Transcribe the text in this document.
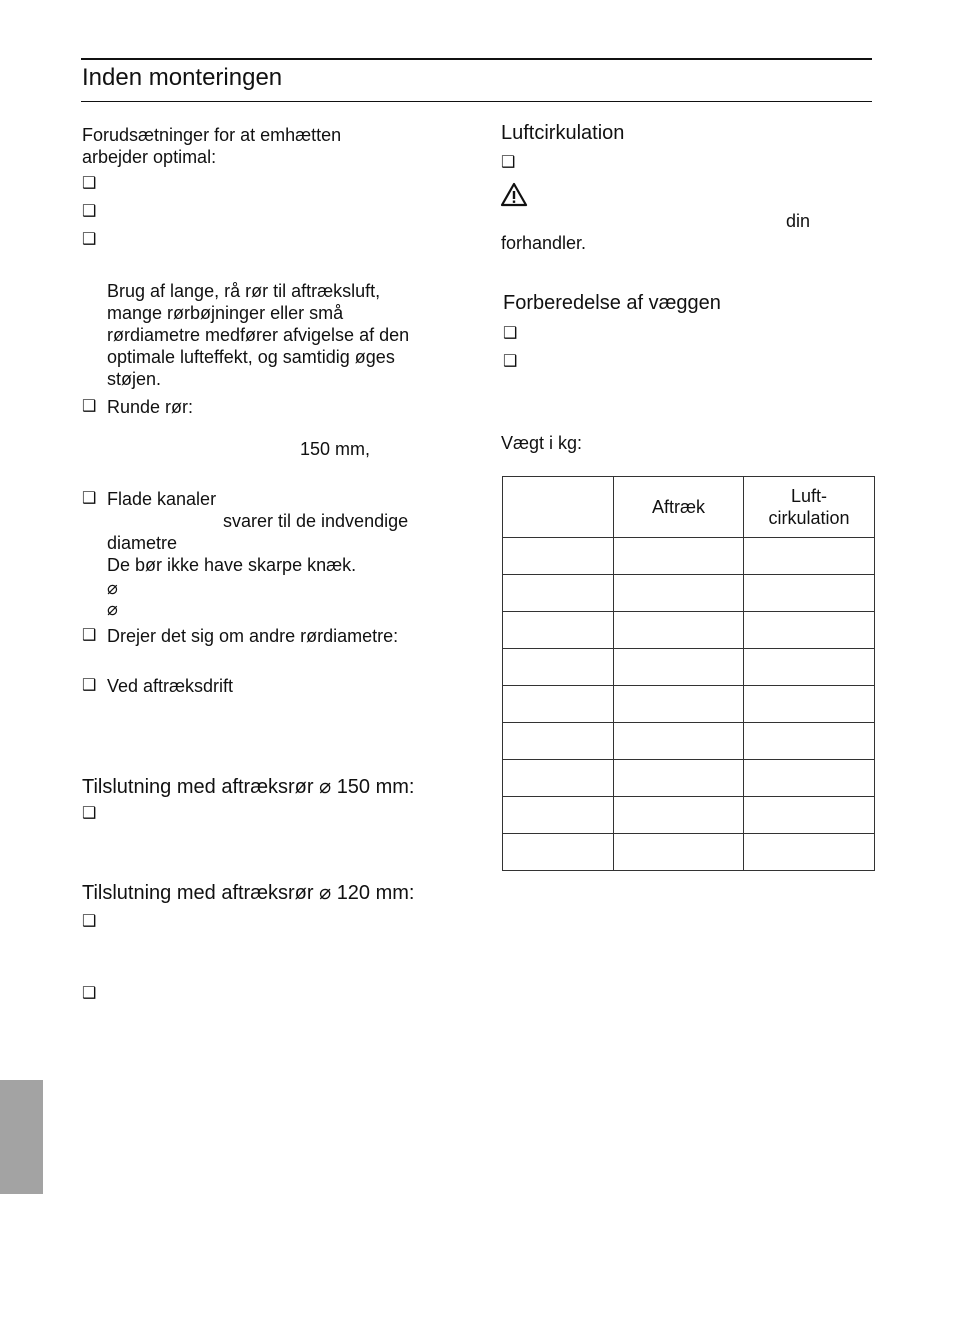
Inden monteringen
Forudsætninger for at emhætten
arbejder optimal:
❑
❑
❑
Brug af lange, rå rør til aftræksluft,
mange rørbøjninger eller små
rørdiametre medfører afvigelse af den
optimale lufteffekt, og samtidig øges
støjen.
❑ Runde rør:
150 mm,
❑ Flade kanaler
svarer til de indvendige
diametre
De bør ikke have skarpe knæk.
⌀
⌀
❑ Drejer det sig om andre rørdiametre:
❑ Ved aftræksdrift
Tilslutning med aftræksrør ⌀ 150 mm:
❑
Tilslutning med aftræksrør ⌀ 120 mm:
❑
❑
Luftcirkulation
❑
din
forhandler.
Forberedelse af væggen
❑
❑
Vægt i kg:
	Aftræk	Luft-
cirkulation
